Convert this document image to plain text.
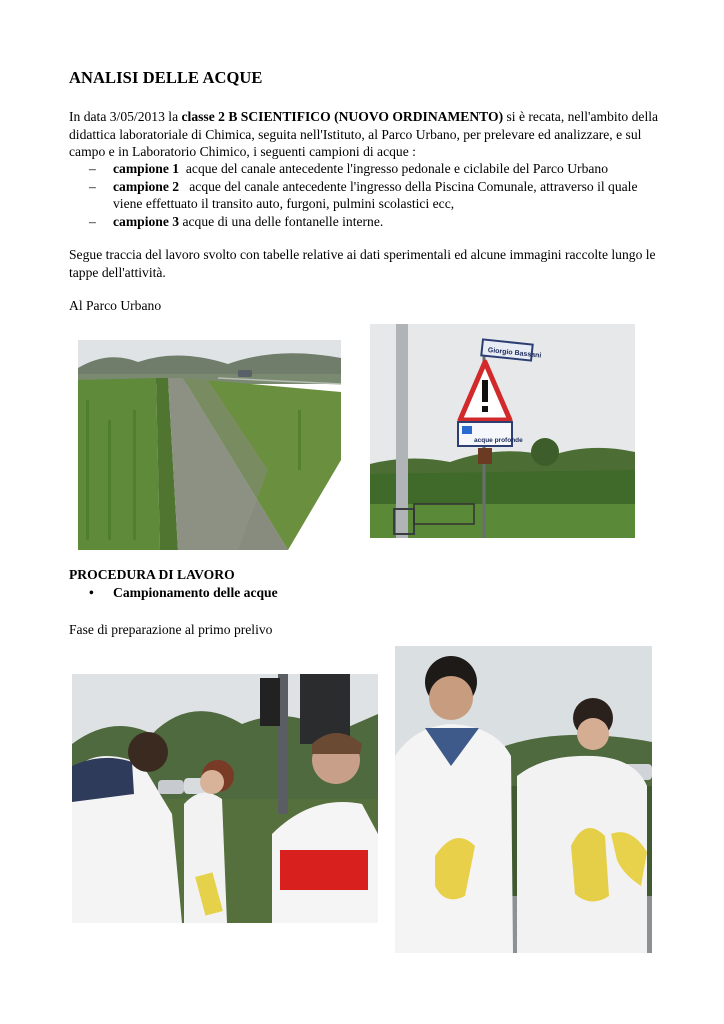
ANALISI DELLE ACQUE

In data 3/05/2013 la classe 2 B SCIENTIFICO (NUOVO ORDINAMENTO) si è recata, nell'ambito della didattica laboratoriale di Chimica, seguita nell'Istituto, al Parco Urbano, per prelevare ed analizzare, e sul campo e in Laboratorio Chimico, i seguenti campioni di acque :

– campione 1  acque del canale antecedente l'ingresso pedonale e ciclabile del Parco Urbano
– campione 2   acque del canale antecedente l'ingresso della Piscina Comunale, attraverso il quale viene effettuato il transito auto, furgoni, pulmini scolastici ecc,
– campione 3 acque di una delle fontanelle interne.

Segue traccia del lavoro svolto con tabelle relative ai dati sperimentali ed alcune immagini raccolte lungo le tappe dell'attività.

Al Parco Urbano

Giorgio Bassani
acque profonde

PROCEDURA DI LAVORO

• Campionamento delle acque

Fase di preparazione al primo prelivo
